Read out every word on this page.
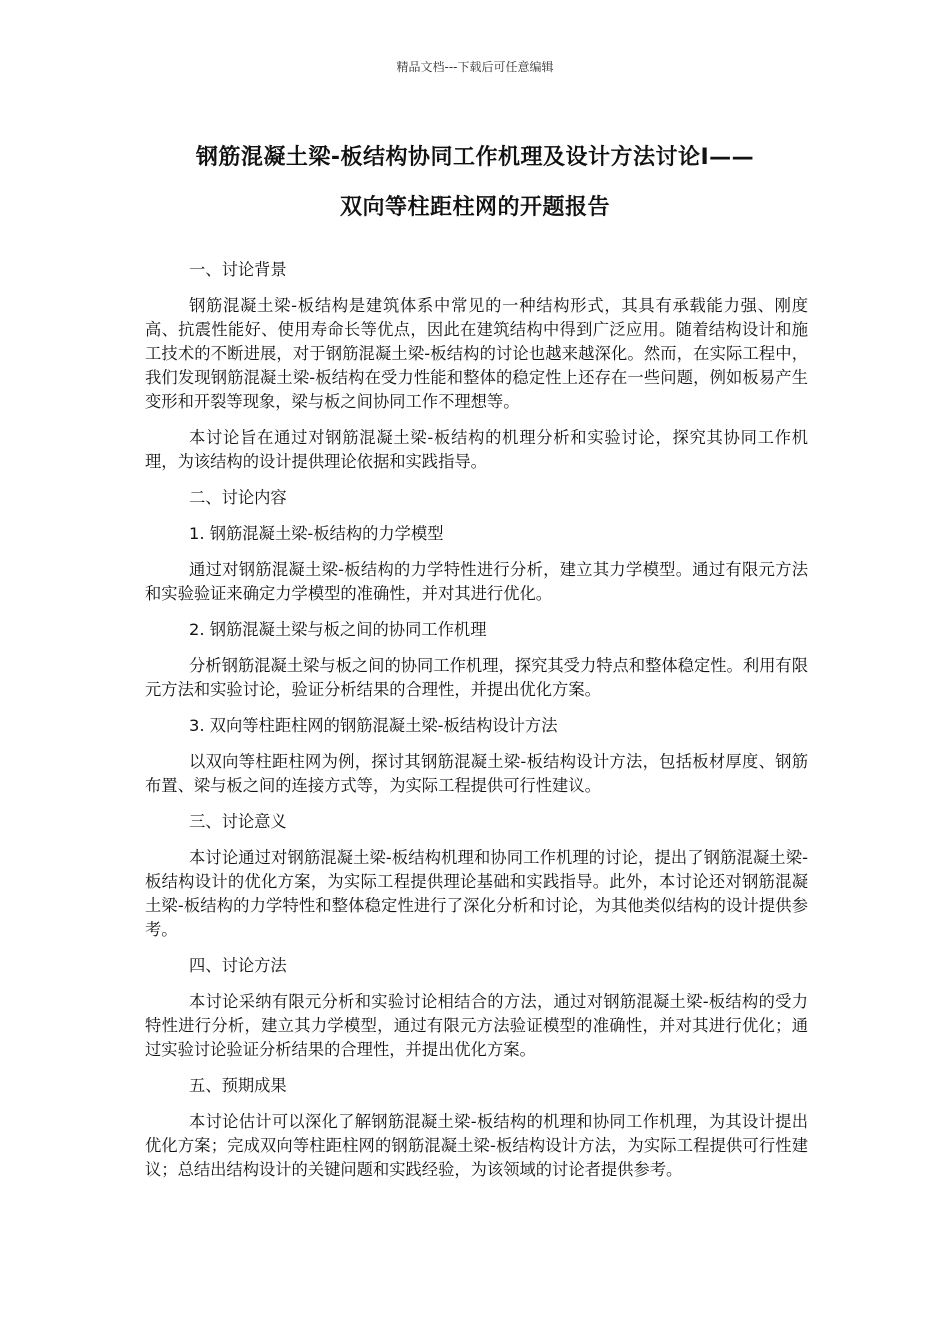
精品文档---下载后可任意编辑
钢筋混凝土梁-板结构协同工作机理及设计方法讨论Ⅰ——
双向等柱距柱网的开题报告

一、讨论背景

钢筋混凝土梁-板结构是建筑体系中常见的一种结构形式，其具有承载能力强、刚度高、抗震性能好、使用寿命长等优点，因此在建筑结构中得到广泛应用。随着结构设计和施工技术的不断进展，对于钢筋混凝土梁-板结构的讨论也越来越深化。然而，在实际工程中，我们发现钢筋混凝土梁-板结构在受力性能和整体的稳定性上还存在一些问题，例如板易产生变形和开裂等现象，梁与板之间协同工作不理想等。

本讨论旨在通过对钢筋混凝土梁-板结构的机理分析和实验讨论，探究其协同工作机理，为该结构的设计提供理论依据和实践指导。

二、讨论内容

1. 钢筋混凝土梁-板结构的力学模型

通过对钢筋混凝土梁-板结构的力学特性进行分析，建立其力学模型。通过有限元方法和实验验证来确定力学模型的准确性，并对其进行优化。

2. 钢筋混凝土梁与板之间的协同工作机理

分析钢筋混凝土梁与板之间的协同工作机理，探究其受力特点和整体稳定性。利用有限元方法和实验讨论，验证分析结果的合理性，并提出优化方案。

3. 双向等柱距柱网的钢筋混凝土梁-板结构设计方法

以双向等柱距柱网为例，探讨其钢筋混凝土梁-板结构设计方法，包括板材厚度、钢筋布置、梁与板之间的连接方式等，为实际工程提供可行性建议。

三、讨论意义

本讨论通过对钢筋混凝土梁-板结构机理和协同工作机理的讨论，提出了钢筋混凝土梁-板结构设计的优化方案，为实际工程提供理论基础和实践指导。此外，本讨论还对钢筋混凝土梁-板结构的力学特性和整体稳定性进行了深化分析和讨论，为其他类似结构的设计提供参考。

四、讨论方法

本讨论采纳有限元分析和实验讨论相结合的方法，通过对钢筋混凝土梁-板结构的受力特性进行分析，建立其力学模型，通过有限元方法验证模型的准确性，并对其进行优化；通过实验讨论验证分析结果的合理性，并提出优化方案。

五、预期成果

本讨论估计可以深化了解钢筋混凝土梁-板结构的机理和协同工作机理，为其设计提出优化方案；完成双向等柱距柱网的钢筋混凝土梁-板结构设计方法，为实际工程提供可行性建议；总结出结构设计的关键问题和实践经验，为该领域的讨论者提供参考。
